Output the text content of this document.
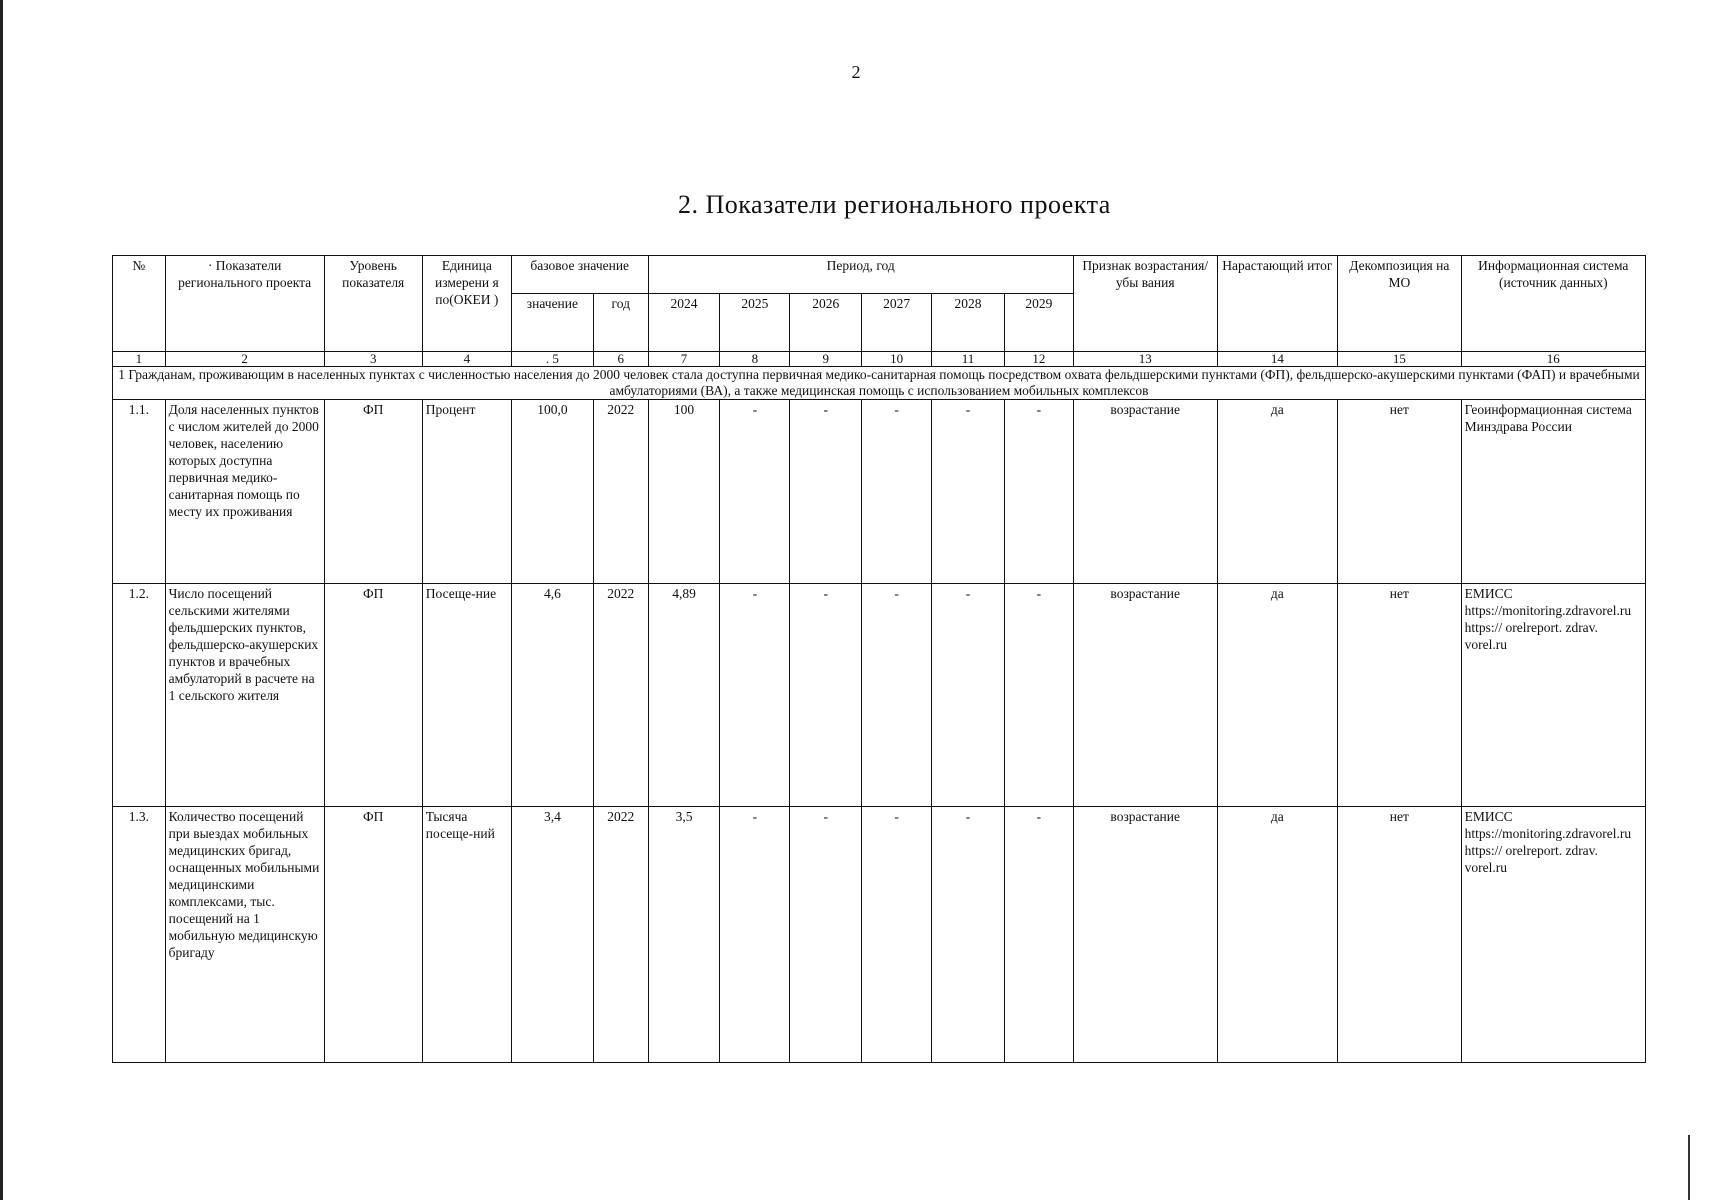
2
2. Показатели регионального проекта
№	· Показатели регионального проекта	Уровень показателя	Единица измерени я по(ОКЕИ )	базовое значение		Период, год						Признак возрастания/убы вания	Нарастающий итог	Декомпозиция на МО	Информационная система (источник данных)
				значение	год	2024	2025	2026	2027	2028	2029				
1	2	3	4	. 5	6	7	8	9	10	11	12	13	14	15	16
1 Гражданам, проживающим в населенных пунктах с численностью населения до 2000 человек стала доступна первичная медико-санитарная помощь посредством охвата фельдшерскими пунктами (ФП), фельдшерско-акушерскими пунктами (ФАП) и врачебными амбулаториями (ВА), а также медицинская помощь с использованием мобильных комплексов															
1.1.	Доля населенных пунктов с числом жителей до 2000 человек, населению которых доступна первичная медико-санитарная помощь по месту их проживания	ФП	Процент	100,0	2022	100	-	-	-	-	-	возрастание	да	нет	Геоинформационная система Минздрава России
1.2.	Число посещений сельскими жителями фельдшерских пунктов, фельдшерско-акушерских пунктов и врачебных амбулаторий в расчете на 1 сельского жителя	ФП	Посеще-ние	4,6	2022	4,89	-	-	-	-	-	возрастание	да	нет	ЕМИСС https://monitoring.zdravorel.ru https:// orelreport. zdrav. vorel.ru
1.3.	Количество посещений при выездах мобильных медицинских бригад, оснащенных мобильными медицинскими комплексами, тыс. посещений на 1 мобильную медицинскую бригаду	ФП	Тысяча посеще-ний	3,4	2022	3,5	-	-	-	-	-	возрастание	да	нет	ЕМИСС https://monitoring.zdravorel.ru https:// orelreport. zdrav. vorel.ru
